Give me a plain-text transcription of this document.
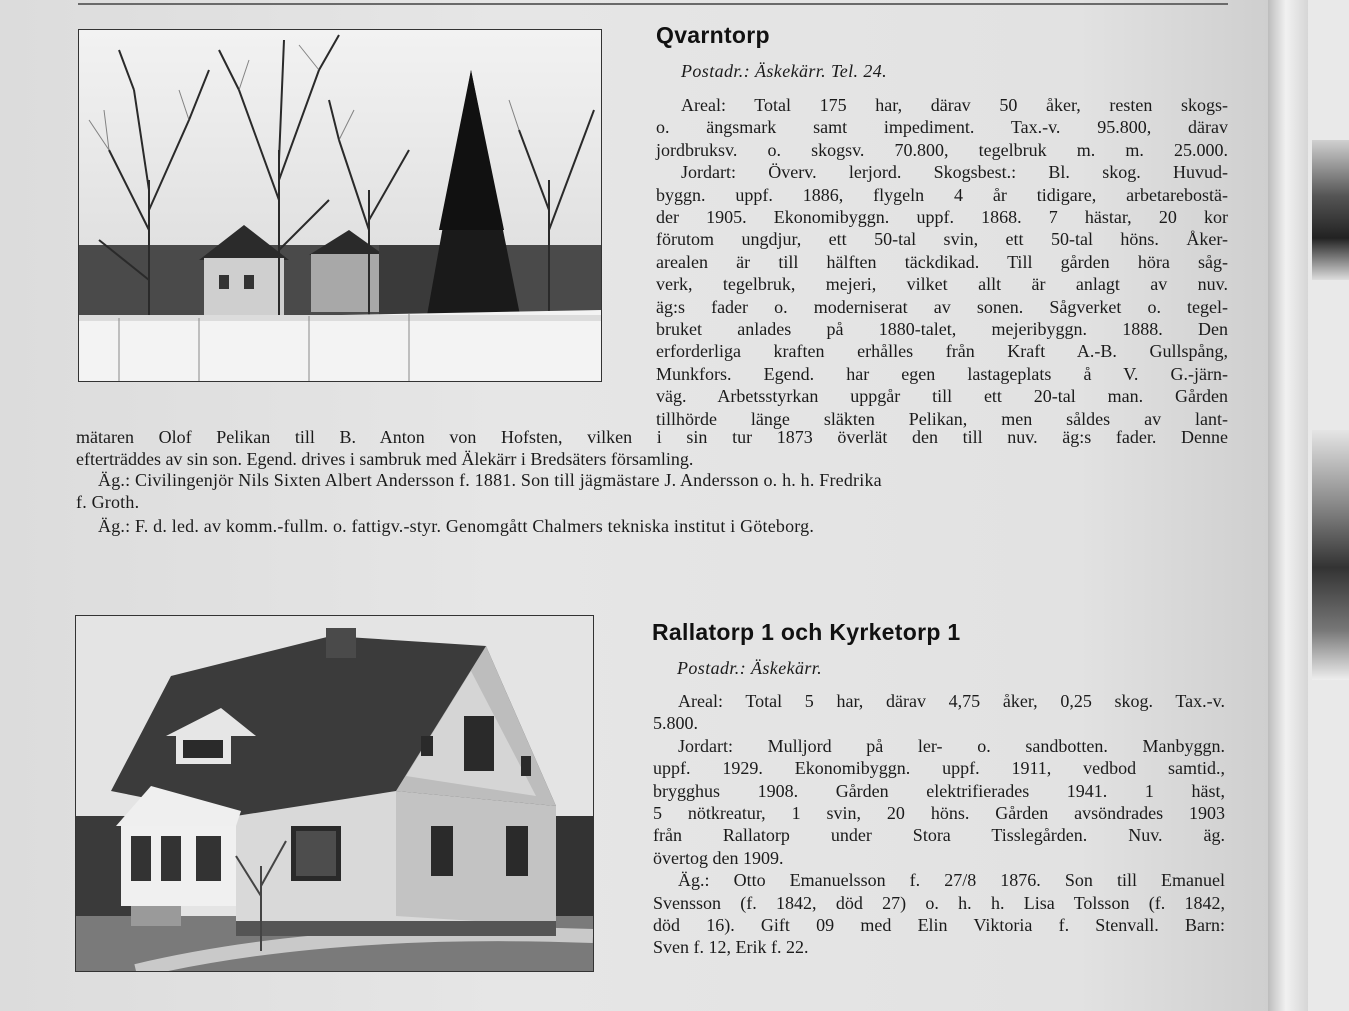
Qvarntorp
Postadr.: Äskekärr. Tel. 24.
Areal: Total 175 har, därav 50 åker, resten skogs-
o. ängsmark samt impediment. Tax.-v. 95.800, därav
jordbruksv. o. skogsv. 70.800, tegelbruk m. m. 25.000.
Jordart: Överv. lerjord. Skogsbest.: Bl. skog. Huvud-
byggn. uppf. 1886, flygeln 4 år tidigare, arbetarebostä-
der 1905. Ekonomibyggn. uppf. 1868. 7 hästar, 20 kor
förutom ungdjur, ett 50-tal svin, ett 50-tal höns. Åker-
arealen är till hälften täckdikad. Till gården höra såg-
verk, tegelbruk, mejeri, vilket allt är anlagt av nuv.
äg:s fader o. moderniserat av sonen. Sågverket o. tegel-
bruket anlades på 1880-talet, mejeribyggn. 1888. Den
erforderliga kraften erhålles från Kraft A.-B. Gullspång,
Munkfors. Egend. har egen lastageplats å V. G.-järn-
väg. Arbetsstyrkan uppgår till ett 20-tal man. Gården
tillhörde länge släkten Pelikan, men såldes av lant-
mätaren Olof Pelikan till B. Anton von Hofsten, vilken i sin tur 1873 överlät den till nuv. äg:s fader. Denne
efterträddes av sin son. Egend. drives i sambruk med Älekärr i Bredsäters församling.
Äg.: Civilingenjör Nils Sixten Albert Andersson f. 1881. Son till jägmästare J. Andersson o. h. h. Fredrika
f. Groth.
Äg.: F. d. led. av komm.-fullm. o. fattigv.-styr. Genomgått Chalmers tekniska institut i Göteborg.
Rallatorp 1 och Kyrketorp 1
Postadr.: Äskekärr.
Areal: Total 5 har, därav 4,75 åker, 0,25 skog. Tax.-v.
5.800.
Jordart: Mulljord på ler- o. sandbotten. Manbyggn.
uppf. 1929. Ekonomibyggn. uppf. 1911, vedbod samtid.,
brygghus 1908. Gården elektrifierades 1941. 1 häst,
5 nötkreatur, 1 svin, 20 höns. Gården avsöndrades 1903
från Rallatorp under Stora Tisslegården. Nuv. äg.
övertog den 1909.
Äg.: Otto Emanuelsson f. 27/8 1876. Son till Emanuel
Svensson (f. 1842, död 27) o. h. h. Lisa Tolsson (f. 1842,
död 16). Gift 09 med Elin Viktoria f. Stenvall. Barn:
Sven f. 12, Erik f. 22.
